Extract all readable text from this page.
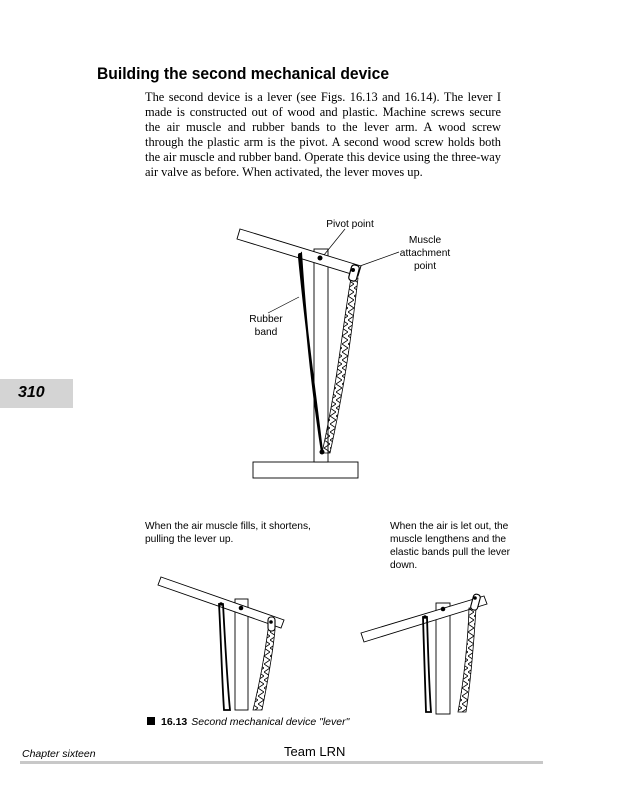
Building the second mechanical device
The second device is a lever (see Figs. 16.13 and 16.14). The lever I made is constructed out of wood and plastic. Machine screws secure the air muscle and rubber bands to the lever arm. A wood screw through the plastic arm is the pivot. A second wood screw holds both the air muscle and rubber band. Operate this device using the three-way air valve as before. When activated, the lever moves up.
310
Pivot point
Muscle
attachment
point
Rubber
band
When the air muscle fills, it shortens, pulling the lever up.
When the air is let out, the muscle lengthens and the elastic bands pull the lever down.
16.13 Second mechanical device "lever"
Chapter sixteen	Team LRN
